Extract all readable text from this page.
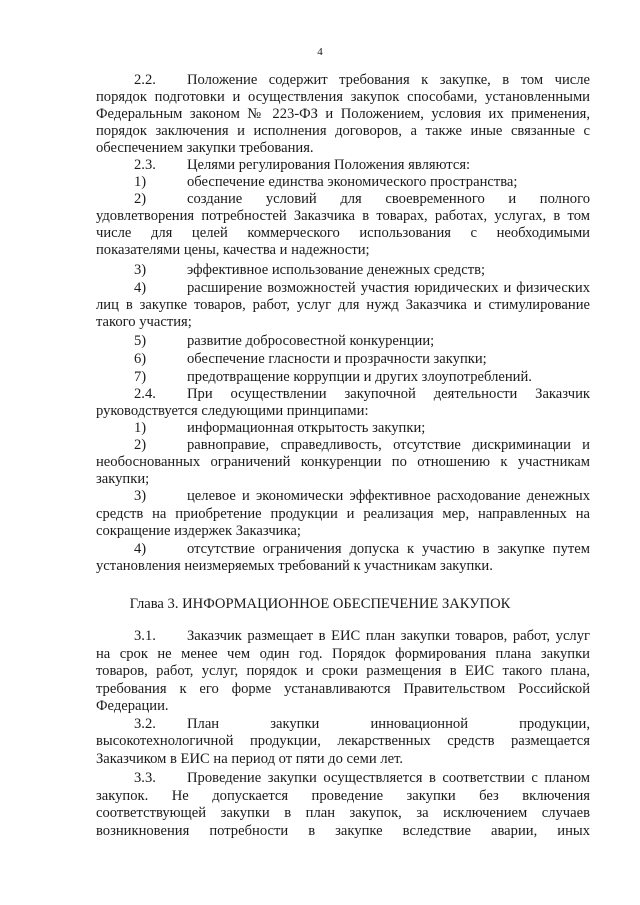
4
2.2. Положение содержит требования к закупке, в том числе
порядок подготовки и осуществления закупок способами, установленными
Федеральным законом № 223-ФЗ и Положением, условия их применения,
порядок заключения и исполнения договоров, а также иные связанные с
обеспечением закупки требования.
2.3. Целями регулирования Положения являются:
1)	обеспечение единства экономического пространства;
2)	создание условий для своевременного и полного
удовлетворения потребностей Заказчика в товарах, работах, услугах, в том
числе для целей коммерческого использования с необходимыми
показателями цены, качества и надежности;
3)	эффективное использование денежных средств;
4)	расширение возможностей участия юридических и физических
лиц в закупке товаров, работ, услуг для нужд Заказчика и стимулирование
такого участия;
5)	развитие добросовестной конкуренции;
6)	обеспечение гласности и прозрачности закупки;
7)	предотвращение коррупции и других злоупотреблений.
2.4. При осуществлении закупочной деятельности Заказчик
руководствуется следующими принципами:
1)	информационная открытость закупки;
2)	равноправие, справедливость, отсутствие дискриминации и
необоснованных ограничений конкуренции по отношению к участникам
закупки;
3)	целевое и экономически эффективное расходование денежных
средств на приобретение продукции и реализация мер, направленных на
сокращение издержек Заказчика;
4)	отсутствие ограничения допуска к участию в закупке путем
установления неизмеряемых требований к участникам закупки.
Глава 3. ИНФОРМАЦИОННОЕ ОБЕСПЕЧЕНИЕ ЗАКУПОК
3.1. Заказчик размещает в ЕИС план закупки товаров, работ, услуг
на срок не менее чем один год. Порядок формирования плана закупки
товаров, работ, услуг, порядок и сроки размещения в ЕИС такого плана,
требования к его форме устанавливаются Правительством Российской
Федерации.
3.2. План закупки инновационной продукции,
высокотехнологичной продукции, лекарственных средств размещается
Заказчиком в ЕИС на период от пяти до семи лет.
3.3. Проведение закупки осуществляется в соответствии с планом
закупок. Не допускается проведение закупки без включения
соответствующей закупки в план закупок, за исключением случаев
возникновения потребности в закупке вследствие аварии, иных
